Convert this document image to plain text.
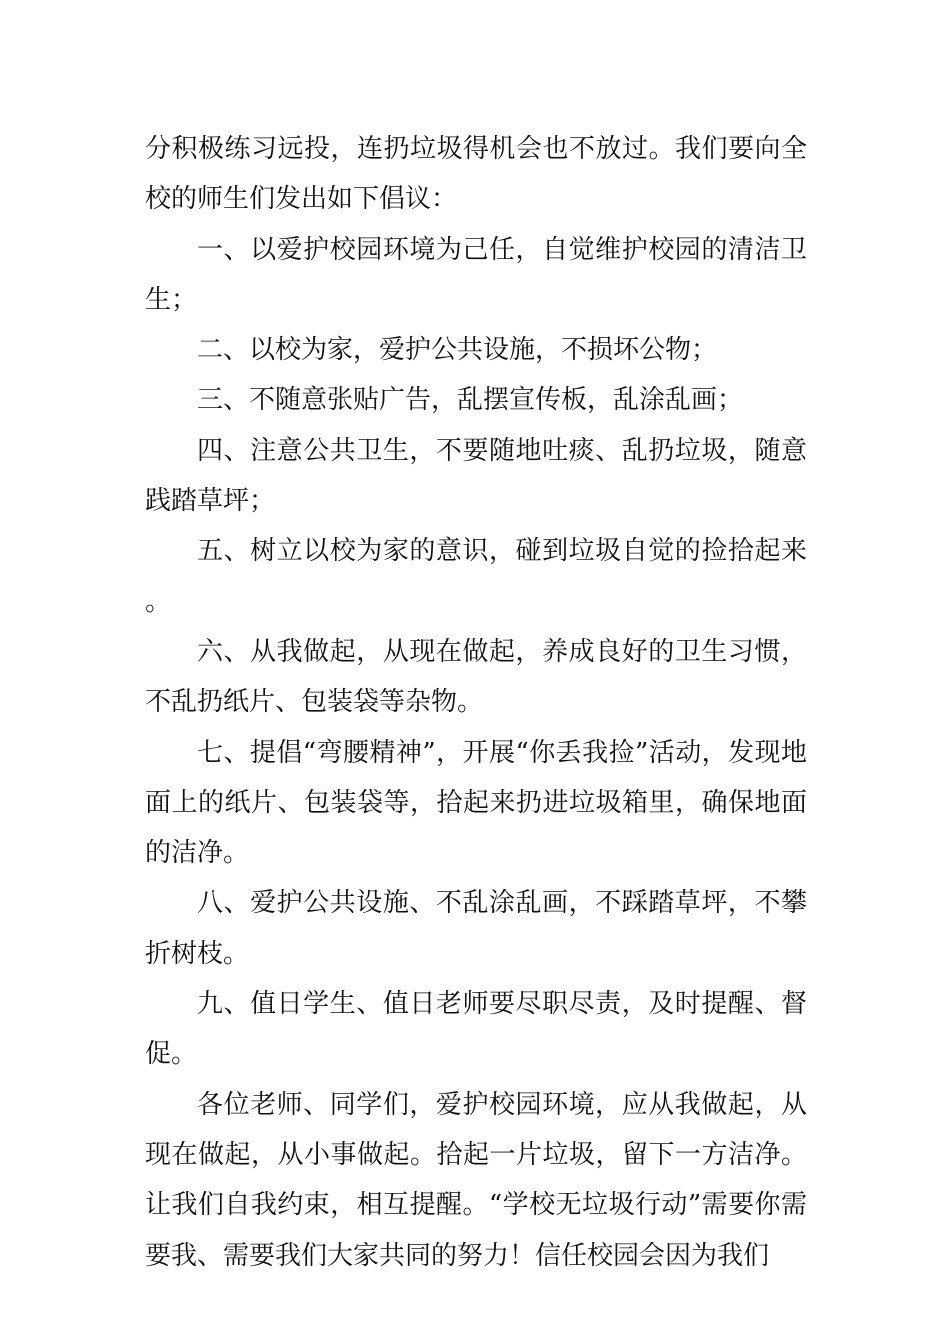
分积极练习远投，连扔垃圾得机会也不放过。我们要向全校的师生们发出如下倡议：

一、以爱护校园环境为己任，自觉维护校园的清洁卫生；

二、以校为家，爱护公共设施，不损坏公物；

三、不随意张贴广告，乱摆宣传板，乱涂乱画；

四、注意公共卫生，不要随地吐痰、乱扔垃圾，随意践踏草坪；

五、树立以校为家的意识，碰到垃圾自觉的捡拾起来。

六、从我做起，从现在做起，养成良好的卫生习惯，不乱扔纸片、包装袋等杂物。

七、提倡“弯腰精神”，开展“你丢我捡”活动，发现地面上的纸片、包装袋等，拾起来扔进垃圾箱里，确保地面的洁净。

八、爱护公共设施、不乱涂乱画，不踩踏草坪，不攀折树枝。

九、值日学生、值日老师要尽职尽责，及时提醒、督促。

各位老师、同学们，爱护校园环境，应从我做起，从现在做起，从小事做起。拾起一片垃圾，留下一方洁净。让我们自我约束，相互提醒。“学校无垃圾行动”需要你需要我、需要我们大家共同的努力！信任校园会因为我们
